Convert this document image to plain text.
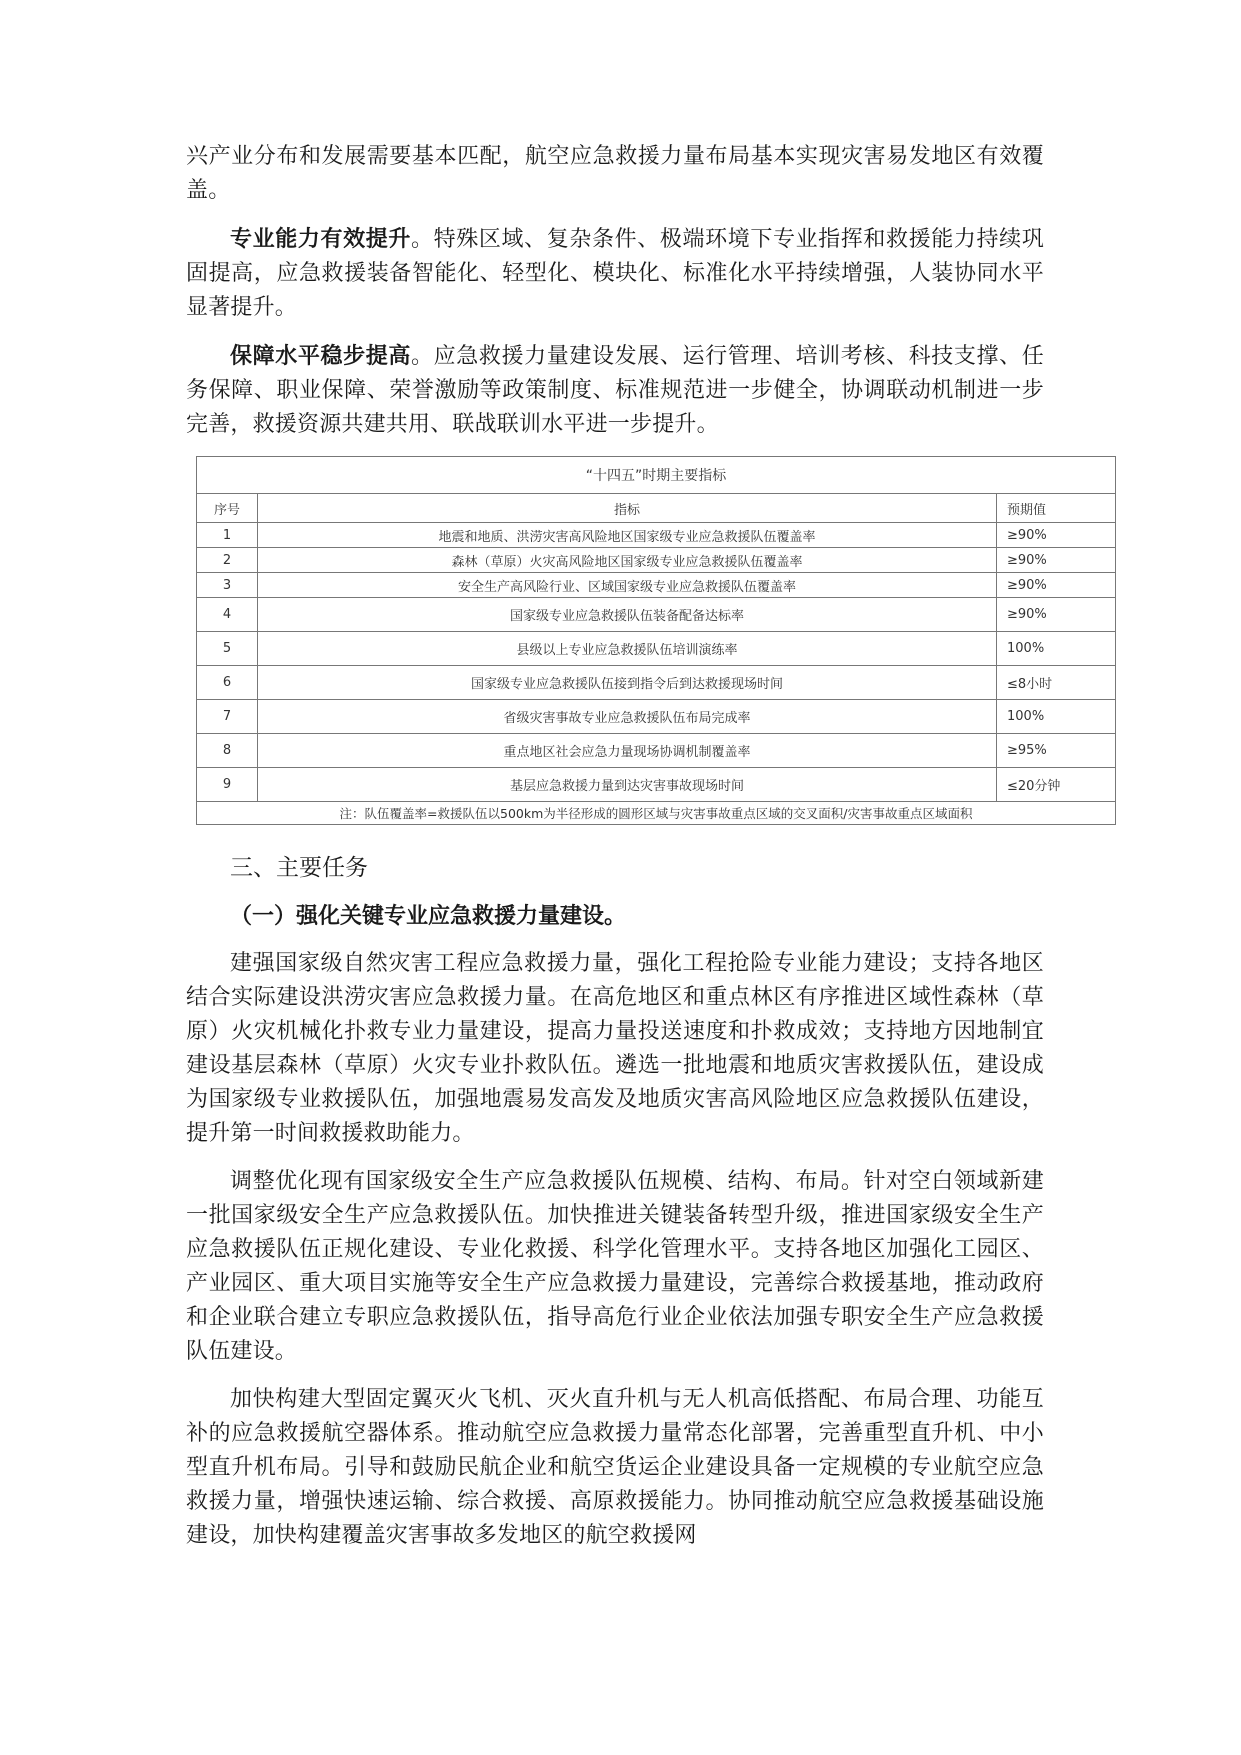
兴产业分布和发展需要基本匹配，航空应急救援力量布局基本实现灾害易发地区有效覆盖。

专业能力有效提升。特殊区域、复杂条件、极端环境下专业指挥和救援能力持续巩固提高，应急救援装备智能化、轻型化、模块化、标准化水平持续增强，人装协同水平显著提升。

保障水平稳步提高。应急救援力量建设发展、运行管理、培训考核、科技支撑、任务保障、职业保障、荣誉激励等政策制度、标准规范进一步健全，协调联动机制进一步完善，救援资源共建共用、联战联训水平进一步提升。

“十四五”时期主要指标		
序号	指标	预期值
1	地震和地质、洪涝灾害高风险地区国家级专业应急救援队伍覆盖率	≥90%
2	森林（草原）火灾高风险地区国家级专业应急救援队伍覆盖率	≥90%
3	安全生产高风险行业、区域国家级专业应急救援队伍覆盖率	≥90%
4	国家级专业应急救援队伍装备配备达标率	≥90%
5	县级以上专业应急救援队伍培训演练率	100%
6	国家级专业应急救援队伍接到指令后到达救援现场时间	≤8小时
7	省级灾害事故专业应急救援队伍布局完成率	100%
8	重点地区社会应急力量现场协调机制覆盖率	≥95%
9	基层应急救援力量到达灾害事故现场时间	≤20分钟
注：队伍覆盖率=救援队伍以500km为半径形成的圆形区域与灾害事故重点区域的交叉面积/灾害事故重点区域面积		

三、主要任务

（一）强化关键专业应急救援力量建设。

建强国家级自然灾害工程应急救援力量，强化工程抢险专业能力建设；支持各地区结合实际建设洪涝灾害应急救援力量。在高危地区和重点林区有序推进区域性森林（草原）火灾机械化扑救专业力量建设，提高力量投送速度和扑救成效；支持地方因地制宜建设基层森林（草原）火灾专业扑救队伍。遴选一批地震和地质灾害救援队伍，建设成为国家级专业救援队伍，加强地震易发高发及地质灾害高风险地区应急救援队伍建设，提升第一时间救援救助能力。

调整优化现有国家级安全生产应急救援队伍规模、结构、布局。针对空白领域新建一批国家级安全生产应急救援队伍。加快推进关键装备转型升级，推进国家级安全生产应急救援队伍正规化建设、专业化救援、科学化管理水平。支持各地区加强化工园区、产业园区、重大项目实施等安全生产应急救援力量建设，完善综合救援基地，推动政府和企业联合建立专职应急救援队伍，指导高危行业企业依法加强专职安全生产应急救援队伍建设。

加快构建大型固定翼灭火飞机、灭火直升机与无人机高低搭配、布局合理、功能互补的应急救援航空器体系。推动航空应急救援力量常态化部署，完善重型直升机、中小型直升机布局。引导和鼓励民航企业和航空货运企业建设具备一定规模的专业航空应急救援力量，增强快速运输、综合救援、高原救援能力。协同推动航空应急救援基础设施建设，加快构建覆盖灾害事故多发地区的航空救援网
